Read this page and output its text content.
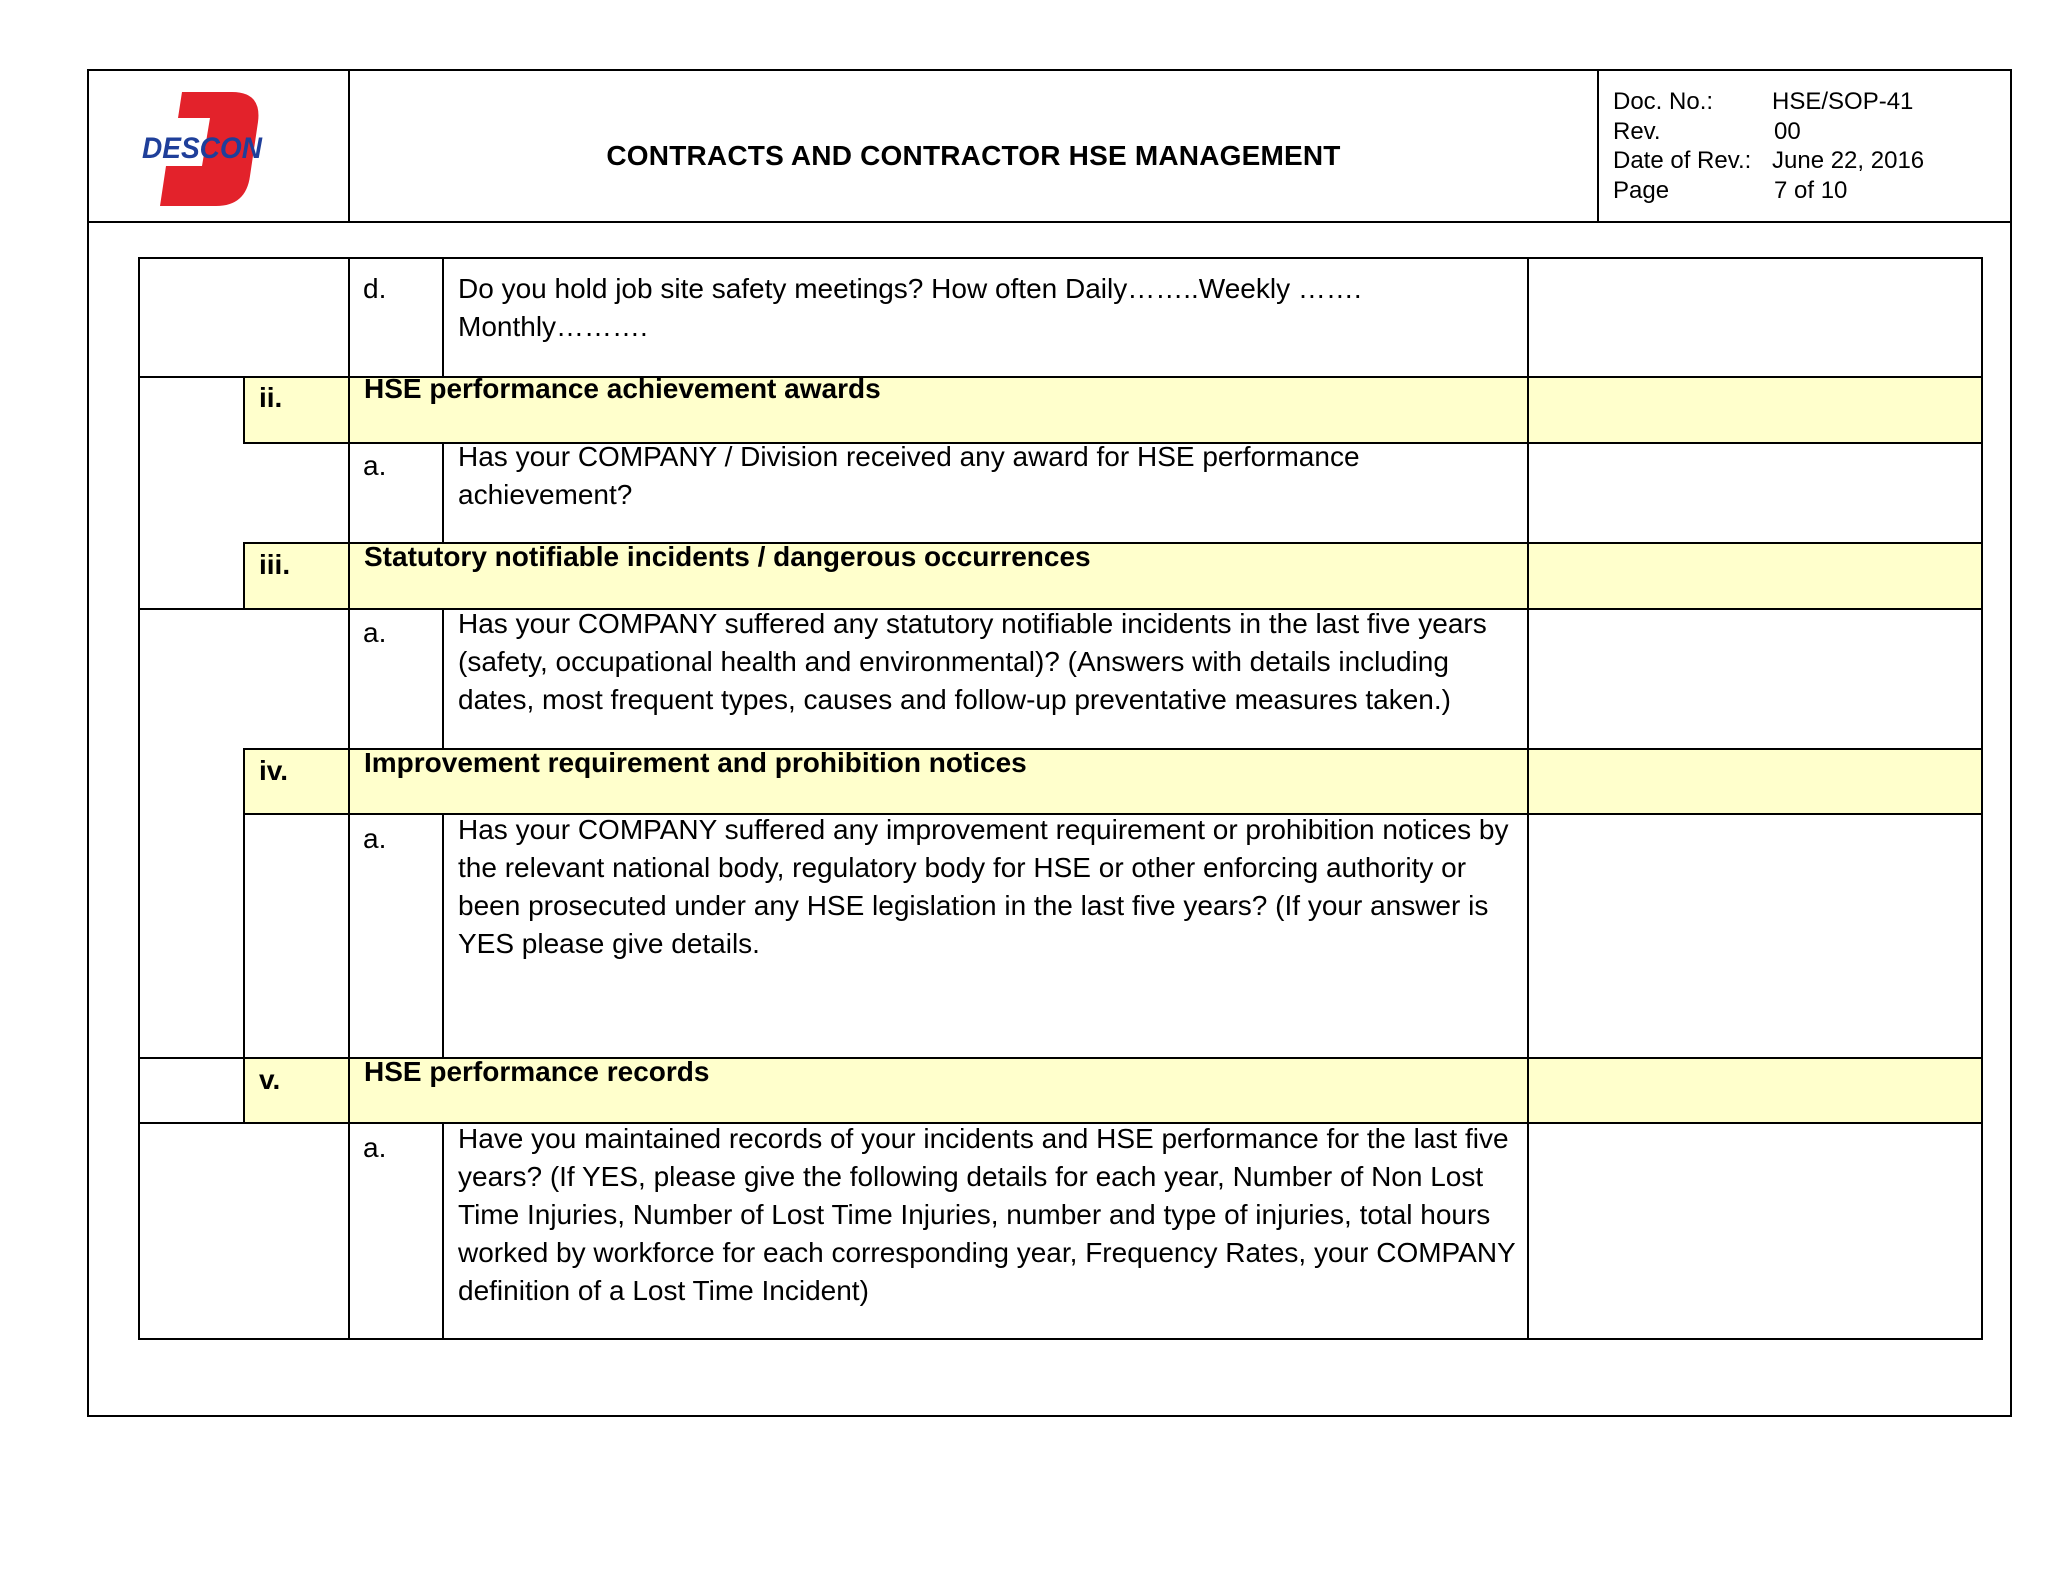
DESCON	CONTRACTS AND CONTRACTOR HSE MANAGEMENT
Doc. No.: HSE/SOP-41
Rev.	00
Date of Rev.: June 22, 2016
Page	7 of 10
d.	Do you hold job site safety meetings? How often Daily……..Weekly …….
Monthly……….
ii.	HSE performance achievement awards
a.	Has your COMPANY / Division received any award for HSE performance achievement?
iii.	Statutory notifiable incidents / dangerous occurrences
a.	Has your COMPANY suffered any statutory notifiable incidents in the last five years (safety, occupational health and environmental)? (Answers with details including dates, most frequent types, causes and follow-up preventative measures taken.)
iv.	Improvement requirement and prohibition notices
a.	Has your COMPANY suffered any improvement requirement or prohibition notices by the relevant national body, regulatory body for HSE or other enforcing authority or been prosecuted under any HSE legislation in the last five years? (If your answer is YES please give details.
v.	HSE performance records
a.	Have you maintained records of your incidents and HSE performance for the last five years? (If YES, please give the following details for each year, Number of Non Lost Time Injuries, Number of Lost Time Injuries, number and type of injuries, total hours worked by workforce for each corresponding year, Frequency Rates, your COMPANY definition of a Lost Time Incident)
